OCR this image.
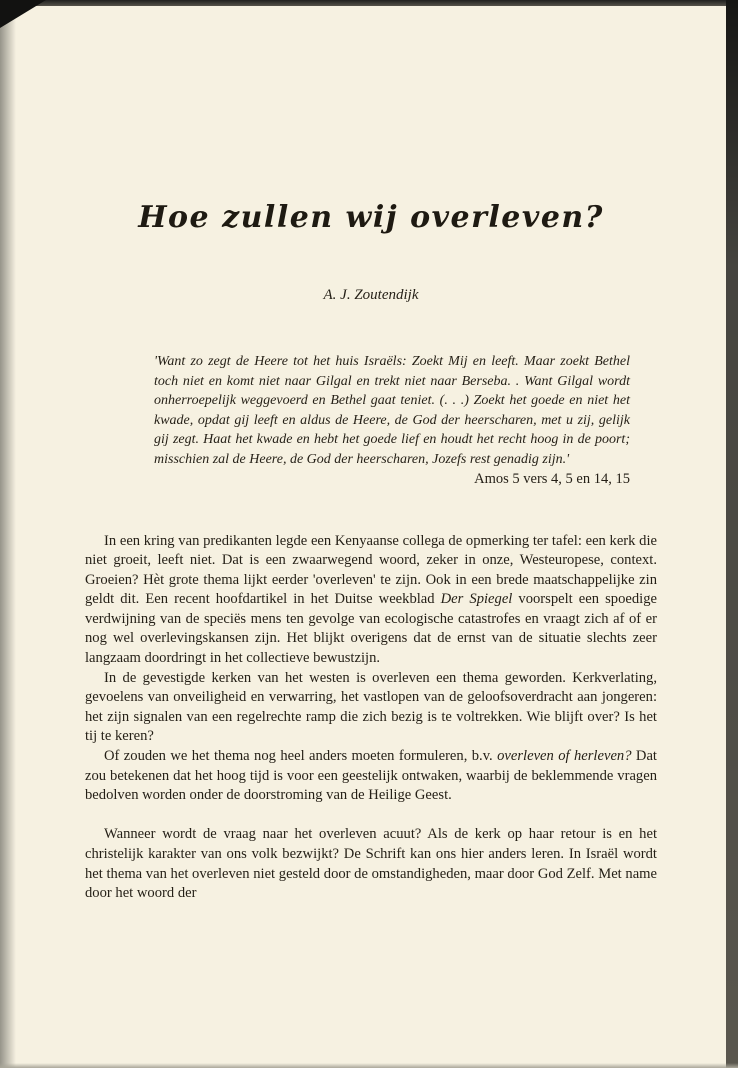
Hoe zullen wij overleven?
A. J. Zoutendijk
'Want zo zegt de Heere tot het huis Israëls: Zoekt Mij en leeft. Maar zoekt Bethel toch niet en komt niet naar Gilgal en trekt niet naar Berseba. . Want Gilgal wordt onherroepelijk weggevoerd en Bethel gaat teniet. (. . .) Zoekt het goede en niet het kwade, opdat gij leeft en aldus de Heere, de God der heerscharen, met u zij, gelijk gij zegt. Haat het kwade en hebt het goede lief en houdt het recht hoog in de poort; misschien zal de Heere, de God der heerscharen, Jozefs rest genadig zijn.'
Amos 5 vers 4, 5 en 14, 15

In een kring van predikanten legde een Kenyaanse collega de opmerking ter tafel: een kerk die niet groeit, leeft niet. Dat is een zwaarwegend woord, zeker in onze, Westeuropese, context. Groeien? Hèt grote thema lijkt eerder 'overleven' te zijn. Ook in een brede maatschappelijke zin geldt dit. Een recent hoofdartikel in het Duitse weekblad Der Spiegel voorspelt een spoedige verdwijning van de speciës mens ten gevolge van ecologische catastrofes en vraagt zich af of er nog wel overlevingskansen zijn. Het blijkt overigens dat de ernst van de situatie slechts zeer langzaam doordringt in het collectieve bewustzijn.

In de gevestigde kerken van het westen is overleven een thema geworden. Kerkverlating, gevoelens van onveiligheid en verwarring, het vastlopen van de geloofsoverdracht aan jongeren: het zijn signalen van een regelrechte ramp die zich bezig is te voltrekken. Wie blijft over? Is het tij te keren?

Of zouden we het thema nog heel anders moeten formuleren, b.v. overleven of herleven? Dat zou betekenen dat het hoog tijd is voor een geestelijk ontwaken, waarbij de beklemmende vragen bedolven worden onder de doorstroming van de Heilige Geest.

Wanneer wordt de vraag naar het overleven acuut? Als de kerk op haar retour is en het christelijk karakter van ons volk bezwijkt? De Schrift kan ons hier anders leren. In Israël wordt het thema van het overleven niet gesteld door de omstandigheden, maar door God Zelf. Met name door het woord der
